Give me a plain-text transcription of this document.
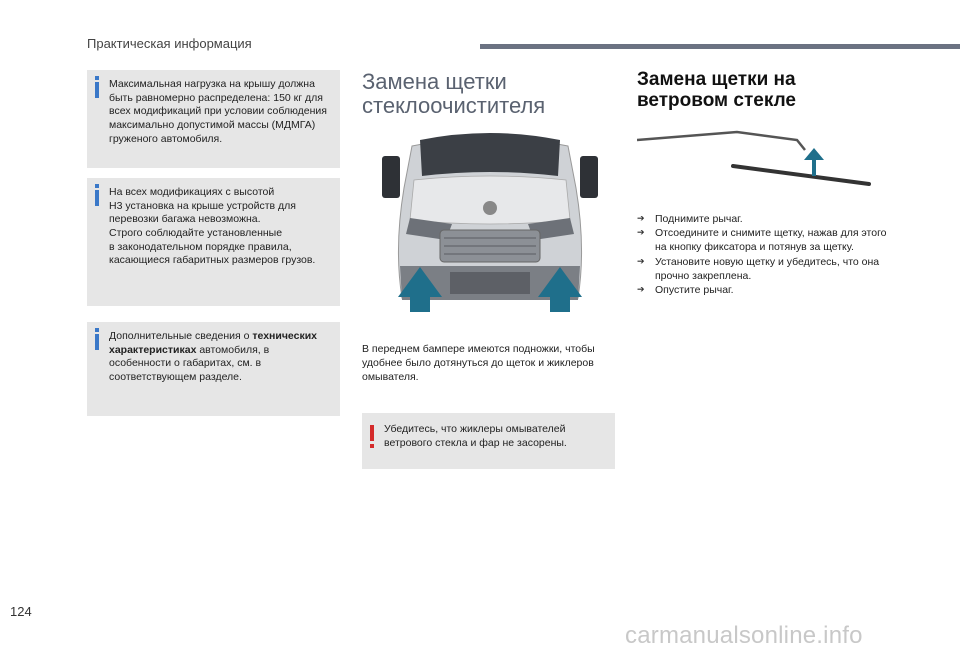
Практическая информация

Максимальная нагрузка на крышу должна быть равномерно распределена: 150 кг для всех модификаций при условии соблюдения максимально допустимой массы (МДМГА) груженого автомобиля.

На всех модификациях с высотой

H3 установка на крыше устройств для

перевозки багажа невозможна.

Строго соблюдайте установленные

в законодательном порядке правила,

касающиеся габаритных размеров грузов.

Дополнительные сведения о технических характеристиках автомобиля, в особенности о габаритах, см. в соответствующем разделе.

Замена щетки
стеклоочистителя
В переднем бампере имеются подножки, чтобы удобнее было дотянуться до щеток и жиклеров омывателя.

Убедитесь, что жиклеры омывателей ветрового стекла и фар не засорены.

Замена щетки на
ветровом стекле
➔ Поднимите рычаг.
➔ Отсоедините и снимите щетку, нажав для этого на кнопку фиксатора и потянув за щетку.
➔ Установите новую щетку и убедитесь, что она прочно закреплена.
➔ Опустите рычаг.
124
carmanualsonline.info
